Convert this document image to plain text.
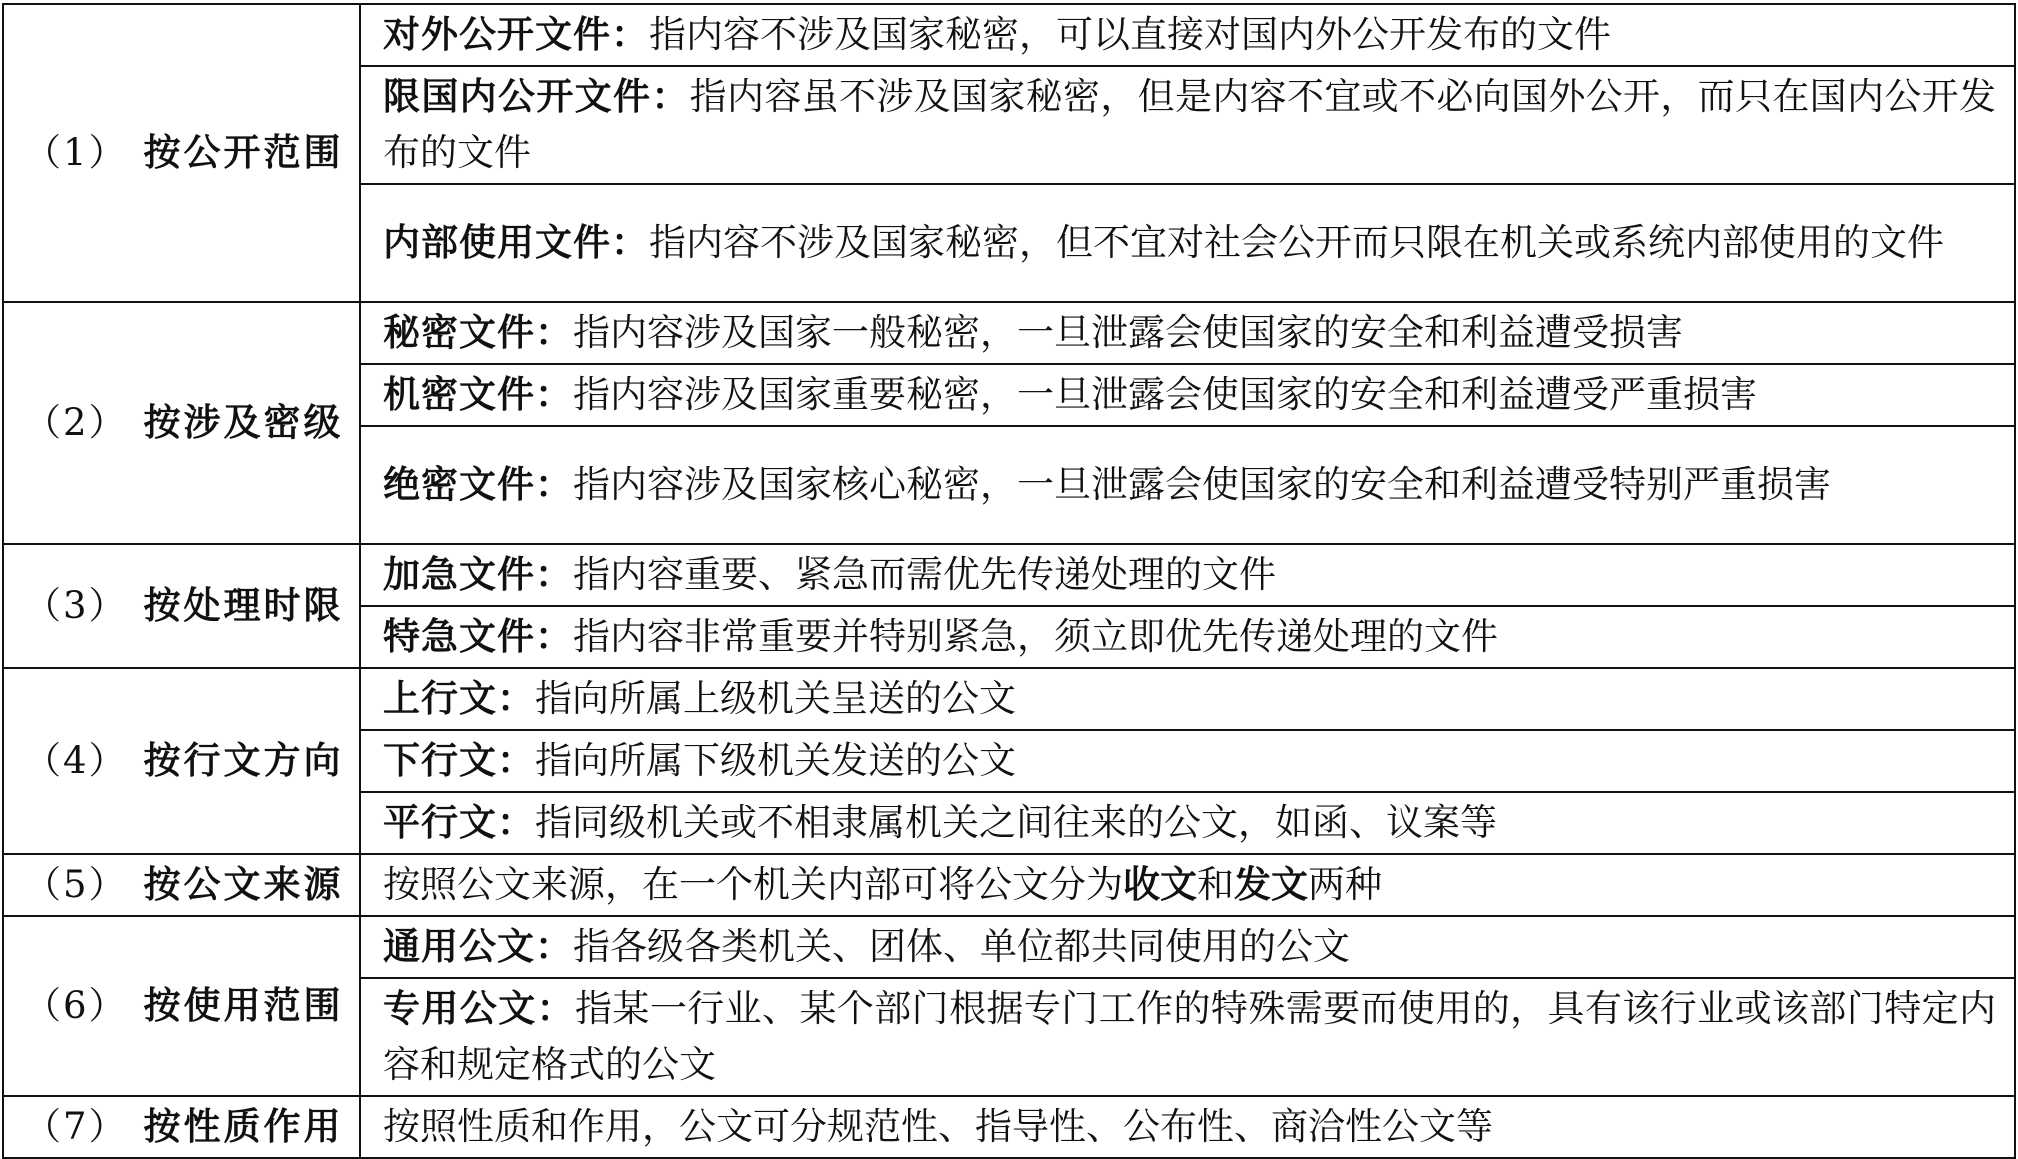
（1） 按公开范围	对外公开文件：指内容不涉及国家秘密，可以直接对国内外公开发布的文件
	限国内公开文件：指内容虽不涉及国家秘密，但是内容不宜或不必向国外公开，而只在国内公开发布的文件
	内部使用文件：指内容不涉及国家秘密，但不宜对社会公开而只限在机关或系统内部使用的文件
（2） 按涉及密级	秘密文件：指内容涉及国家一般秘密，一旦泄露会使国家的安全和利益遭受损害
	机密文件：指内容涉及国家重要秘密，一旦泄露会使国家的安全和利益遭受严重损害
	绝密文件：指内容涉及国家核心秘密，一旦泄露会使国家的安全和利益遭受特别严重损害
（3） 按处理时限	加急文件：指内容重要、紧急而需优先传递处理的文件
	特急文件：指内容非常重要并特别紧急，须立即优先传递处理的文件
（4） 按行文方向	上行文：指向所属上级机关呈送的公文
	下行文：指向所属下级机关发送的公文
	平行文：指同级机关或不相隶属机关之间往来的公文，如函、议案等
（5） 按公文来源	按照公文来源，在一个机关内部可将公文分为收文和发文两种
（6） 按使用范围	通用公文：指各级各类机关、团体、单位都共同使用的公文
	专用公文：指某一行业、某个部门根据专门工作的特殊需要而使用的，具有该行业或该部门特定内容和规定格式的公文
（7） 按性质作用	按照性质和作用，公文可分规范性、指导性、公布性、商洽性公文等
